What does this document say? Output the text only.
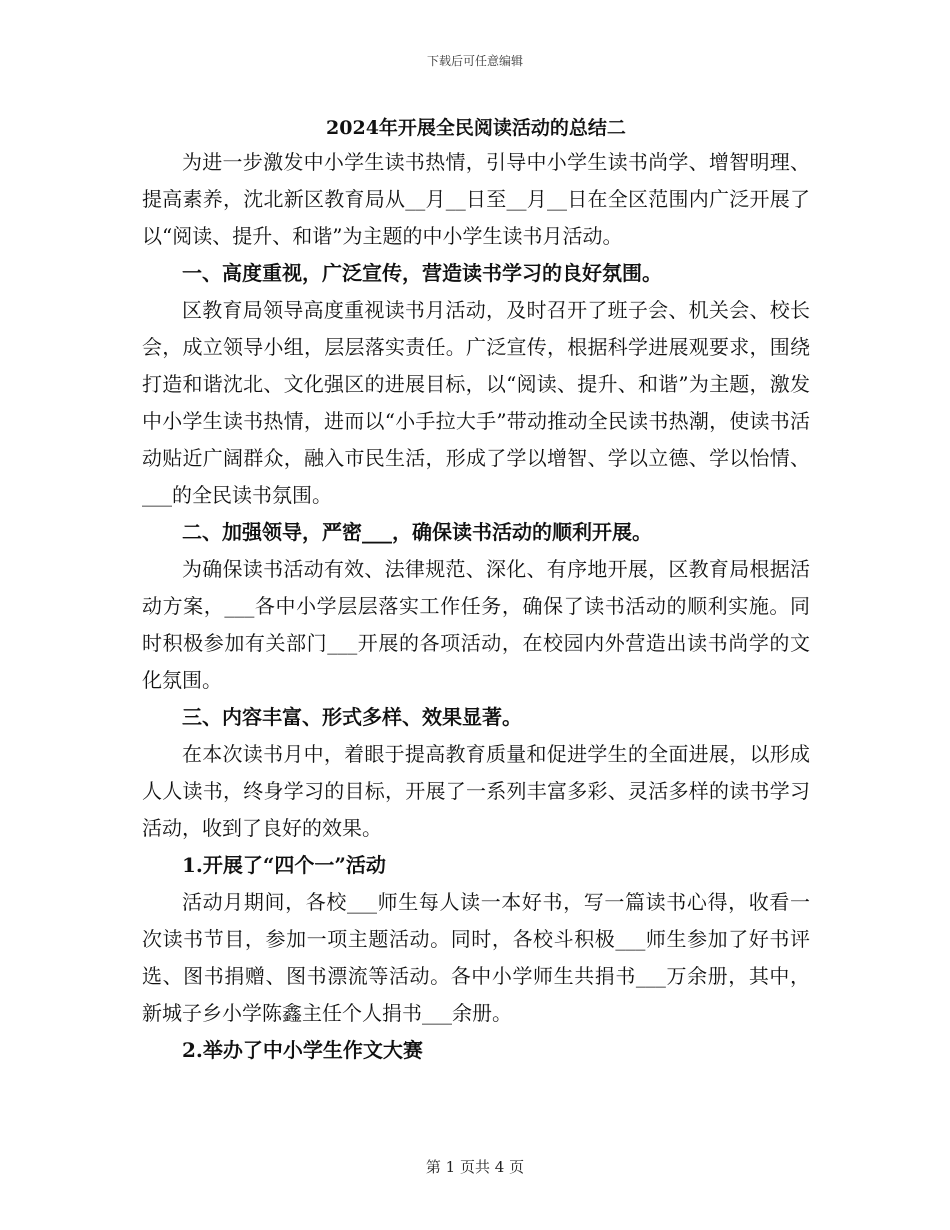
下载后可任意编辑
2024年开展全民阅读活动的总结二

为进一步激发中小学生读书热情，引导中小学生读书尚学、增智明理、提高素养，沈北新区教育局从__月__日至__月__日在全区范围内广泛开展了以“阅读、提升、和谐”为主题的中小学生读书月活动。

一、高度重视，广泛宣传，营造读书学习的良好氛围。

区教育局领导高度重视读书月活动，及时召开了班子会、机关会、校长会，成立领导小组，层层落实责任。广泛宣传，根据科学进展观要求，围绕打造和谐沈北、文化强区的进展目标，以“阅读、提升、和谐”为主题，激发中小学生读书热情，进而以“小手拉大手”带动推动全民读书热潮，使读书活动贴近广阔群众，融入市民生活，形成了学以增智、学以立德、学以怡情、___的全民读书氛围。

二、加强领导，严密___，确保读书活动的顺利开展。

为确保读书活动有效、法律规范、深化、有序地开展，区教育局根据活动方案，___各中小学层层落实工作任务，确保了读书活动的顺利实施。同时积极参加有关部门___开展的各项活动，在校园内外营造出读书尚学的文化氛围。

三、内容丰富、形式多样、效果显著。

在本次读书月中，着眼于提高教育质量和促进学生的全面进展，以形成人人读书，终身学习的目标，开展了一系列丰富多彩、灵活多样的读书学习活动，收到了良好的效果。

1.开展了“四个一”活动

活动月期间，各校___师生每人读一本好书，写一篇读书心得，收看一次读书节目，参加一项主题活动。同时，各校斗积极___师生参加了好书评选、图书捐赠、图书漂流等活动。各中小学师生共捐书___万余册，其中，新城子乡小学陈鑫主任个人捐书___余册。

2.举办了中小学生作文大赛

第 1 页共 4 页
